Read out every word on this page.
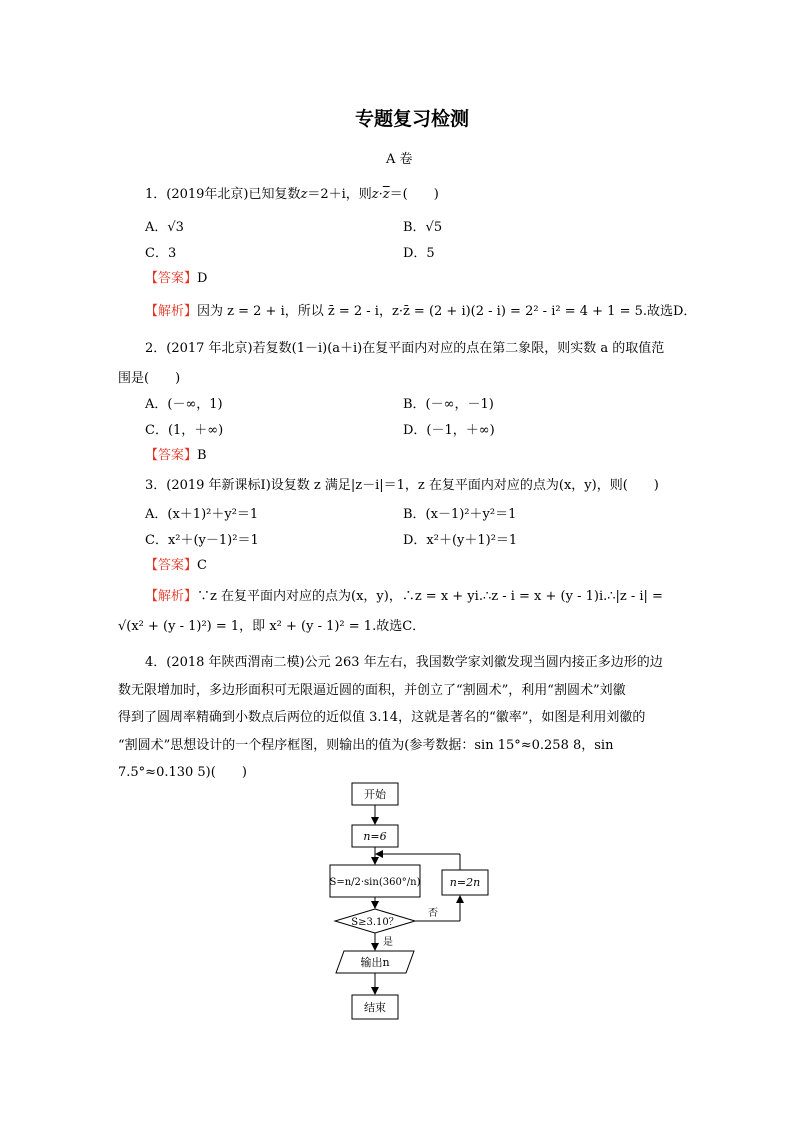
专题复习检测
A 卷
1．(2019年北京)已知复数z＝2＋i，则$z\cdot\overline{z}=$(　　)
A．√3	B．√5
C．3	D．5
【答案】D
【解析】因为 z = 2 + i，所以 z̄ = 2 - i，z·z̄ = (2 + i)(2 - i) = 2² - i² = 4 + 1 = 5.故选D．
2．(2017 年北京)若复数(1－i)(a＋i)在复平面内对应的点在第二象限，则实数 a 的取值范
围是(　　)
A．(－∞，1)	B．(－∞，－1)
C．(1，＋∞)	D．(－1，＋∞)
【答案】B
3．(2019 年新课标Ⅰ)设复数 z 满足|z－i|＝1，z 在复平面内对应的点为(x，y)，则(　　)
A．(x＋1)²＋y²＝1	B．(x－1)²＋y²＝1
C．x²＋(y－1)²＝1	D．x²＋(y＋1)²＝1
【答案】C
【解析】∵z 在复平面内对应的点为(x，y)，∴z = x + yi.∴z - i = x + (y - 1)i.∴|z - i| =
√(x² + (y - 1)²) = 1，即 x² + (y - 1)² = 1.故选C．
4．(2018 年陕西渭南二模)公元 263 年左右，我国数学家刘徽发现当圆内接正多边形的边
数无限增加时，多边形面积可无限逼近圆的面积，并创立了“割圆术”，利用“割圆术”刘徽
得到了圆周率精确到小数点后两位的近似值 3.14，这就是著名的“徽率”，如图是利用刘徽的
“割圆术”思想设计的一个程序框图，则输出的值为(参考数据：sin 15°≈0.258 8，sin
7.5°≈0.130 5)(　　)
开始
n=6
n=2n
S≥3.10？
否
是
输出n
结束
S=n/2·sin(360°/n)
